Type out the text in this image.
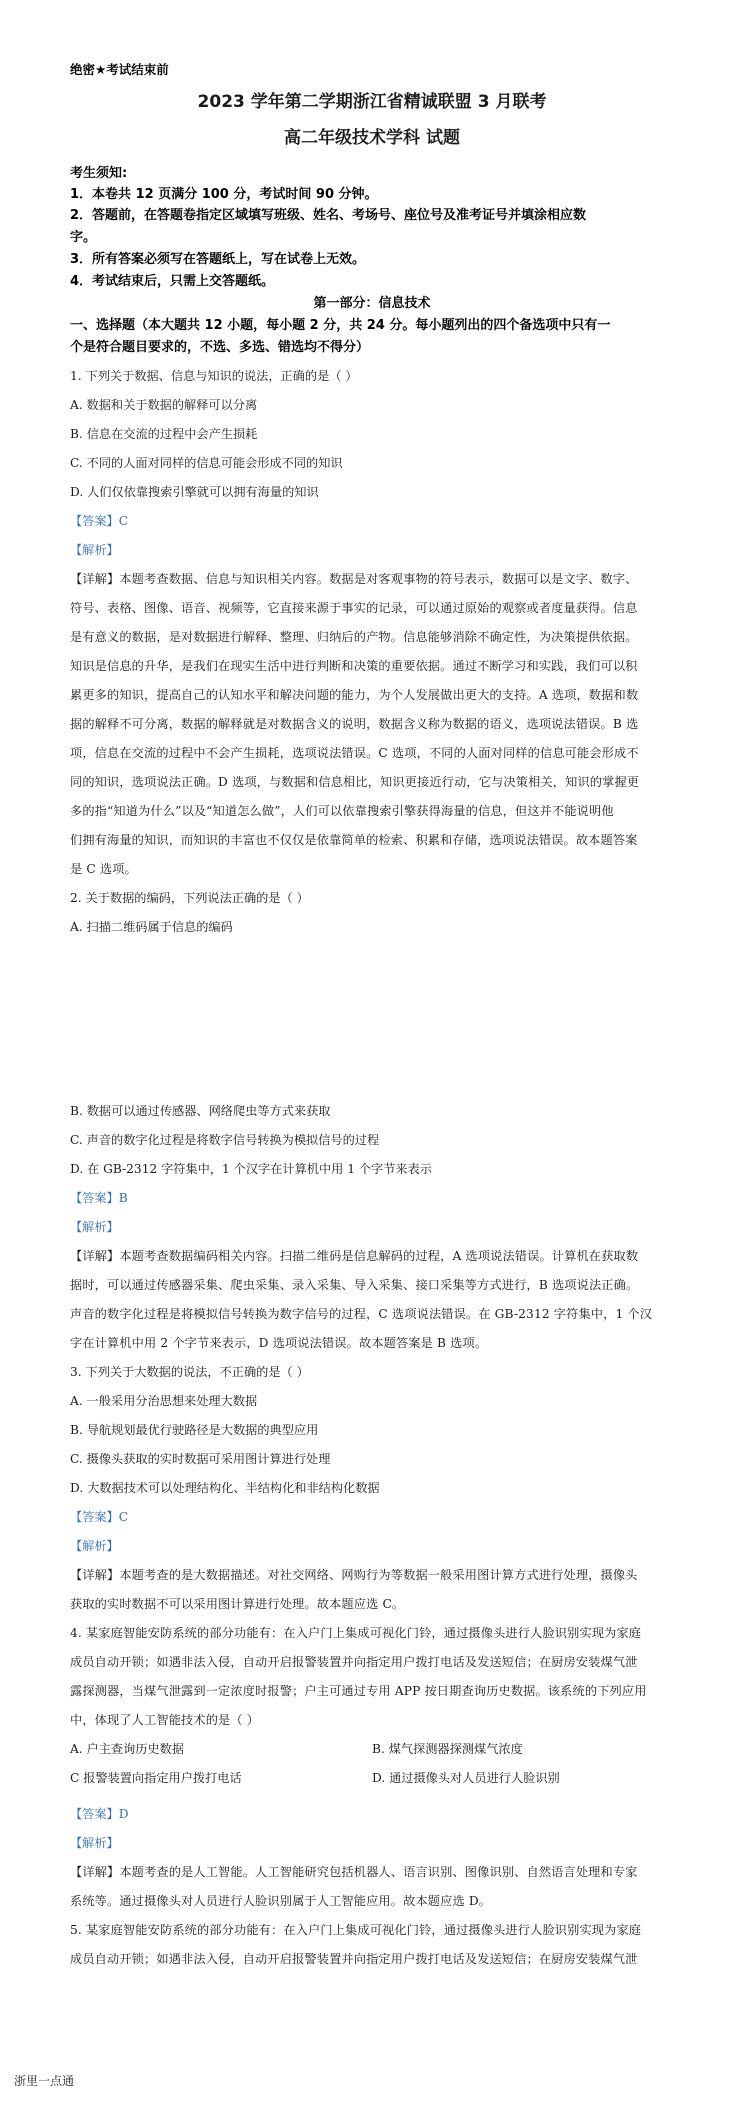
绝密★考试结束前
2023 学年第二学期浙江省精诚联盟 3 月联考
高二年级技术学科 试题
考生须知:
1．本卷共 12 页满分 100 分，考试时间 90 分钟。
2．答题前，在答题卷指定区域填写班级、姓名、考场号、座位号及准考证号并填涂相应数
字。
3．所有答案必须写在答题纸上，写在试卷上无效。
4．考试结束后，只需上交答题纸。
第一部分：信息技术
一、选择题（本大题共 12 小题，每小题 2 分，共 24 分。每小题列出的四个备选项中只有一
个是符合题目要求的，不选、多选、错选均不得分）
1. 下列关于数据、信息与知识的说法，正确的是（ ）
A. 数据和关于数据的解释可以分离
B. 信息在交流的过程中会产生损耗
C. 不同的人面对同样的信息可能会形成不同的知识
D. 人们仅依靠搜索引擎就可以拥有海量的知识
【答案】C
【解析】
【详解】本题考查数据、信息与知识相关内容。数据是对客观事物的符号表示，数据可以是文字、数字、
符号、表格、图像、语音、视频等，它直接来源于事实的记录，可以通过原始的观察或者度量获得。信息
是有意义的数据，是对数据进行解释、整理、归纳后的产物。信息能够消除不确定性，为决策提供依据。
知识是信息的升华，是我们在现实生活中进行判断和决策的重要依据。通过不断学习和实践，我们可以积
累更多的知识，提高自己的认知水平和解决问题的能力，为个人发展做出更大的支持。A 选项，数据和数
据的解释不可分离，数据的解释就是对数据含义的说明，数据含义称为数据的语义，选项说法错误。B 选
项，信息在交流的过程中不会产生损耗，选项说法错误。C 选项，不同的人面对同样的信息可能会形成不
同的知识，选项说法正确。D 选项，与数据和信息相比，知识更接近行动，它与决策相关，知识的掌握更
多的指“知道为什么”以及“知道怎么做”，人们可以依靠搜索引擎获得海量的信息，但这并不能说明他
们拥有海量的知识，而知识的丰富也不仅仅是依靠简单的检索、积累和存储，选项说法错误。故本题答案
是 C 选项。
2. 关于数据的编码，下列说法正确的是（ ）
A. 扫描二维码属于信息的编码
B. 数据可以通过传感器、网络爬虫等方式来获取
C. 声音的数字化过程是将数字信号转换为模拟信号的过程
D. 在 GB-2312 字符集中，1 个汉字在计算机中用 1 个字节来表示
【答案】B
【解析】
【详解】本题考查数据编码相关内容。扫描二维码是信息解码的过程，A 选项说法错误。计算机在获取数
据时，可以通过传感器采集、爬虫采集、录入采集、导入采集、接口采集等方式进行，B 选项说法正确。
声音的数字化过程是将模拟信号转换为数字信号的过程，C 选项说法错误。在 GB-2312 字符集中，1 个汉
字在计算机中用 2 个字节来表示，D 选项说法错误。故本题答案是 B 选项。
3. 下列关于大数据的说法，不正确的是（ ）
A. 一般采用分治思想来处理大数据
B. 导航规划最优行驶路径是大数据的典型应用
C. 摄像头获取的实时数据可采用图计算进行处理
D. 大数据技术可以处理结构化、半结构化和非结构化数据
【答案】C
【解析】
【详解】本题考查的是大数据描述。对社交网络、网购行为等数据一般采用图计算方式进行处理，摄像头
获取的实时数据不可以采用图计算进行处理。故本题应选 C。
4. 某家庭智能安防系统的部分功能有：在入户门上集成可视化门铃，通过摄像头进行人脸识别实现为家庭
成员自动开锁；如遇非法入侵，自动开启报警装置并向指定用户拨打电话及发送短信；在厨房安装煤气泄
露探测器，当煤气泄露到一定浓度时报警；户主可通过专用 APP 按日期查询历史数据。该系统的下列应用
中，体现了人工智能技术的是（ ）
A. 户主查询历史数据	B. 煤气探测器探测煤气浓度
C 报警装置向指定用户拨打电话	D. 通过摄像头对人员进行人脸识别
【答案】D
【解析】
【详解】本题考查的是人工智能。人工智能研究包括机器人、语言识别、图像识别、自然语言处理和专家
系统等。通过摄像头对人员进行人脸识别属于人工智能应用。故本题应选 D。
5. 某家庭智能安防系统的部分功能有：在入户门上集成可视化门铃，通过摄像头进行人脸识别实现为家庭
成员自动开锁；如遇非法入侵，自动开启报警装置并向指定用户拨打电话及发送短信；在厨房安装煤气泄
浙里一点通
